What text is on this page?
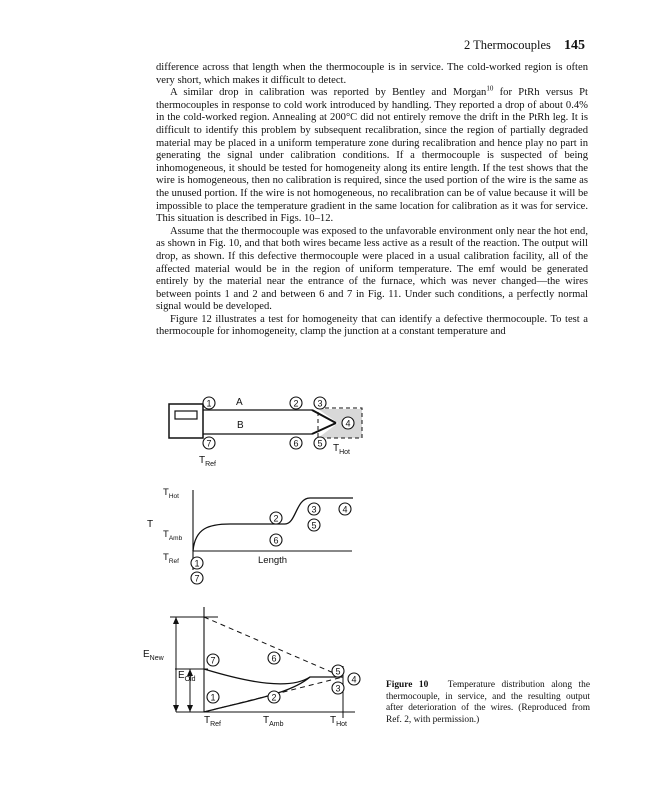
2 Thermocouples 145

difference across that length when the thermocouple is in service. The cold-worked region is often very short, which makes it difficult to detect.

A similar drop in calibration was reported by Bentley and Morgan$^{10}$ for PtRh versus Pt thermocouples in response to cold work introduced by handling. They reported a drop of about 0.4% in the cold-worked region. Annealing at 200°C did not entirely remove the drift in the PtRh leg. It is difficult to identify this problem by subsequent recalibration, since the region of partially degraded material may be placed in a uniform temperature zone during recalibration and hence play no part in generating the signal under calibration conditions. If a thermocouple is suspected of being inhomogeneous, it should be tested for homogeneity along its entire length. If the test shows that the wire is homogeneous, then no calibration is required, since the used portion of the wire is the same as the unused portion. If the wire is not homogeneous, no recalibration can be of value because it will be impossible to place the temperature gradient in the same location for calibration as it was for service. This situation is described in Figs. 10–12.

Assume that the thermocouple was exposed to the unfavorable environment only near the hot end, as shown in Fig. 10, and that both wires became less active as a result of the reaction. The output will drop, as shown. If this defective thermocouple were placed in a usual calibration facility, all of the affected material would be in the region of uniform temperature. The emf would be generated entirely by the material near the entrance of the furnace, which was never changed—the wires between points 1 and 2 and between 6 and 7 in Fig. 11. Under such conditions, a perfectly normal signal would be developed.

Figure 12 illustrates a test for homogeneity that can identify a defective thermocouple. To test a thermocouple for inhomogeneity, clamp the junction at a constant temperature and

A
B
1	2 3
4
5
6
7
$T_{Ref}$
$T_{Hot}$
$T_{Hot}$
T
$T_{Amb}$
$T_{Ref}$	Length
1
7
2
6
3
5
4
$E_{New}$
$E_{Old}$
$T_{Ref}$	$T_{Amb}$	$T_{Hot}$
7
1
6
2
5
3
4
Figure 10 Temperature distribution along the thermocouple, in service, and the resulting output after deterioration of the wires. (Reproduced from Ref. 2, with permission.)
